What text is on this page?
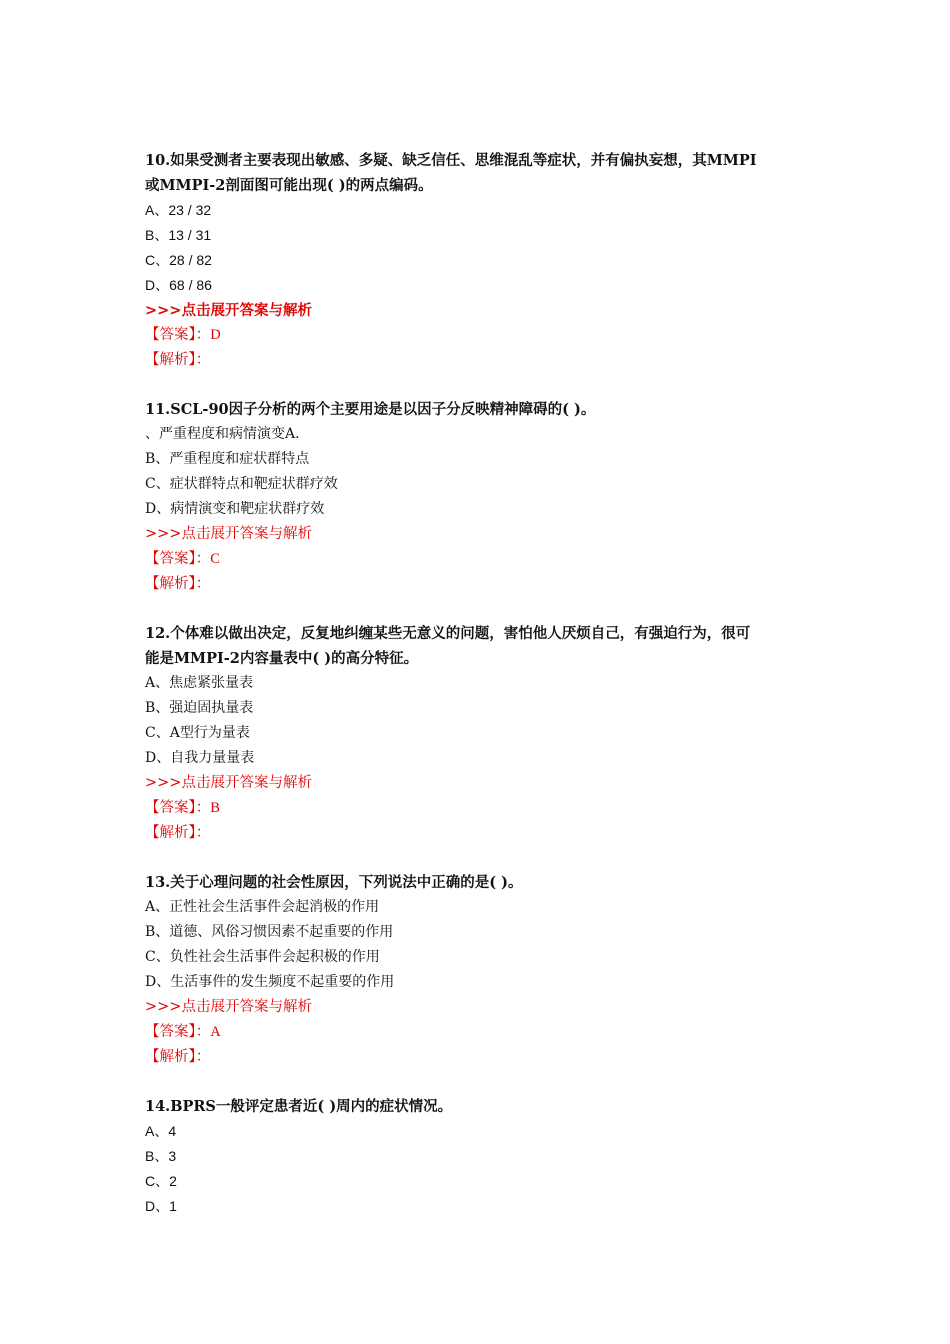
10.如果受测者主要表现出敏感、多疑、缺乏信任、思维混乱等症状，并有偏执妄想，其MMPI
或MMPI-2剖面图可能出现( )的两点编码。
A、23 / 32
B、13 / 31
C、28 / 82
D、68 / 86
>>>点击展开答案与解析
【答案】：D
【解析】：
11.SCL-90因子分析的两个主要用途是以因子分反映精神障碍的( )。
、严重程度和病情演变A.
B、严重程度和症状群特点
C、症状群特点和靶症状群疗效
D、病情演变和靶症状群疗效
>>>点击展开答案与解析
【答案】：C
【解析】：
12.个体难以做出决定，反复地纠缠某些无意义的问题，害怕他人厌烦自己，有强迫行为，很可
能是MMPI-2内容量表中( )的高分特征。
A、焦虑紧张量表
B、强迫固执量表
C、A型行为量表
D、自我力量量表
>>>点击展开答案与解析
【答案】：B
【解析】：
13.关于心理问题的社会性原因，下列说法中正确的是( )。
A、正性社会生活事件会起消极的作用
B、道德、风俗习惯因素不起重要的作用
C、负性社会生活事件会起积极的作用
D、生活事件的发生频度不起重要的作用
>>>点击展开答案与解析
【答案】：A
【解析】：
14.BPRS一般评定患者近( )周内的症状情况。
A、4
B、3
C、2
D、1
